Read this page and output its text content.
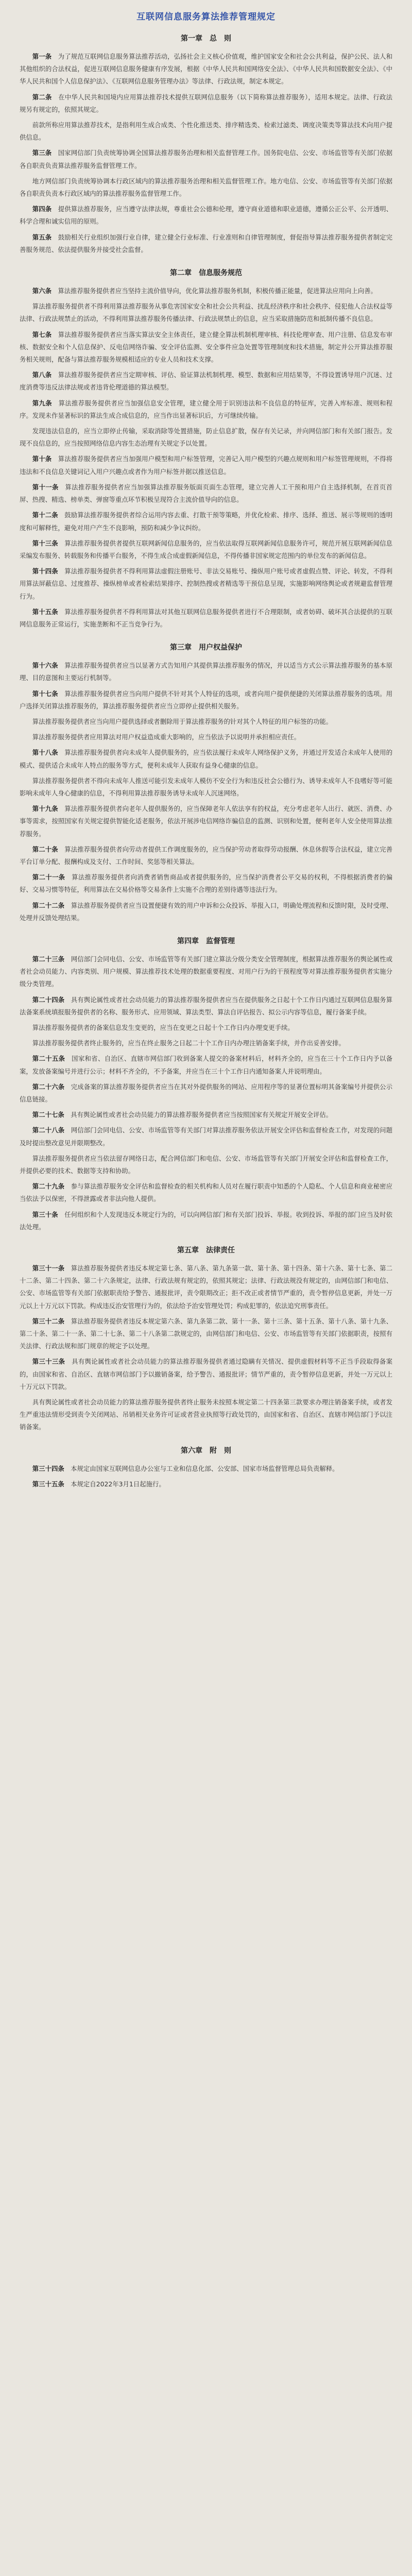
互联网信息服务算法推荐管理规定
第一章　总　则

第一条　 为了规范互联网信息服务算法推荐活动，弘扬社会主义核心价值观，维护国家安全和社会公共利益，保护公民、法人和其他组织的合法权益，促进互联网信息服务健康有序发展，根据《中华人民共和国网络安全法》、《中华人民共和国数据安全法》、《中华人民共和国个人信息保护法》、《互联网信息服务管理办法》等法律、行政法规，制定本规定。

第二条　 在中华人民共和国境内应用算法推荐技术提供互联网信息服务（以下简称算法推荐服务），适用本规定。法律、行政法规另有规定的，依照其规定。

前款所称应用算法推荐技术，是指利用生成合成类、个性化推送类、排序精选类、检索过滤类、调度决策类等算法技术向用户提供信息。

第三条　 国家网信部门负责统筹协调全国算法推荐服务治理和相关监督管理工作。国务院电信、公安、市场监管等有关部门依据各自职责负责算法推荐服务监督管理工作。

地方网信部门负责统筹协调本行政区域内的算法推荐服务治理和相关监督管理工作。地方电信、公安、市场监管等有关部门依据各自职责负责本行政区域内的算法推荐服务监督管理工作。

第四条　 提供算法推荐服务，应当遵守法律法规，尊重社会公德和伦理，遵守商业道德和职业道德，遵循公正公平、公开透明、科学合理和诚实信用的原则。

第五条　 鼓励相关行业组织加强行业自律，建立健全行业标准、行业准则和自律管理制度，督促指导算法推荐服务提供者制定完善服务规范、依法提供服务并接受社会监督。

第二章　信息服务规范

第六条　 算法推荐服务提供者应当坚持主流价值导向，优化算法推荐服务机制，积极传播正能量，促进算法应用向上向善。

算法推荐服务提供者不得利用算法推荐服务从事危害国家安全和社会公共利益、扰乱经济秩序和社会秩序、侵犯他人合法权益等法律、行政法规禁止的活动，不得利用算法推荐服务传播法律、行政法规禁止的信息，应当采取措施防范和抵制传播不良信息。

第七条　 算法推荐服务提供者应当落实算法安全主体责任，建立健全算法机制机理审核、科技伦理审查、用户注册、信息发布审核、数据安全和个人信息保护、反电信网络诈骗、安全评估监测、安全事件应急处置等管理制度和技术措施，制定并公开算法推荐服务相关规则，配备与算法推荐服务规模相适应的专业人员和技术支撑。

第八条　 算法推荐服务提供者应当定期审核、评估、验证算法机制机理、模型、数据和应用结果等，不得设置诱导用户沉迷、过度消费等违反法律法规或者违背伦理道德的算法模型。

第九条　 算法推荐服务提供者应当加强信息安全管理，建立健全用于识别违法和不良信息的特征库，完善入库标准、规则和程序。发现未作显著标识的算法生成合成信息的，应当作出显著标识后，方可继续传输。

发现违法信息的，应当立即停止传输，采取消除等处置措施，防止信息扩散，保存有关记录，并向网信部门和有关部门报告。发现不良信息的，应当按照网络信息内容生态治理有关规定予以处置。

第十条　 算法推荐服务提供者应当加强用户模型和用户标签管理，完善记入用户模型的兴趣点规则和用户标签管理规则，不得将违法和不良信息关键词记入用户兴趣点或者作为用户标签并据以推送信息。

第十一条　 算法推荐服务提供者应当加强算法推荐服务版面页面生态管理，建立完善人工干预和用户自主选择机制，在首页首屏、热搜、精选、榜单类、弹窗等重点环节积极呈现符合主流价值导向的信息。

第十二条　 鼓励算法推荐服务提供者综合运用内容去重、打散干预等策略，并优化检索、排序、选择、推送、展示等规则的透明度和可解释性，避免对用户产生不良影响，预防和减少争议纠纷。

第十三条　 算法推荐服务提供者提供互联网新闻信息服务的，应当依法取得互联网新闻信息服务许可，规范开展互联网新闻信息采编发布服务、转载服务和传播平台服务，不得生成合成虚假新闻信息，不得传播非国家规定范围内的单位发布的新闻信息。

第十四条　 算法推荐服务提供者不得利用算法虚假注册账号、非法交易账号、操纵用户账号或者虚假点赞、评论、转发，不得利用算法屏蔽信息、过度推荐、操纵榜单或者检索结果排序、控制热搜或者精选等干预信息呈现，实施影响网络舆论或者规避监督管理行为。

第十五条　 算法推荐服务提供者不得利用算法对其他互联网信息服务提供者进行不合理限制，或者妨碍、破坏其合法提供的互联网信息服务正常运行，实施垄断和不正当竞争行为。

第三章　用户权益保护

第十六条　 算法推荐服务提供者应当以显著方式告知用户其提供算法推荐服务的情况，并以适当方式公示算法推荐服务的基本原理、目的意图和主要运行机制等。

第十七条　 算法推荐服务提供者应当向用户提供不针对其个人特征的选项，或者向用户提供便捷的关闭算法推荐服务的选项。用户选择关闭算法推荐服务的，算法推荐服务提供者应当立即停止提供相关服务。

算法推荐服务提供者应当向用户提供选择或者删除用于算法推荐服务的针对其个人特征的用户标签的功能。

算法推荐服务提供者应用算法对用户权益造成重大影响的，应当依法予以说明并承担相应责任。

第十八条　 算法推荐服务提供者向未成年人提供服务的，应当依法履行未成年人网络保护义务，并通过开发适合未成年人使用的模式、提供适合未成年人特点的服务等方式，便利未成年人获取有益身心健康的信息。

算法推荐服务提供者不得向未成年人推送可能引发未成年人模仿不安全行为和违反社会公德行为、诱导未成年人不良嗜好等可能影响未成年人身心健康的信息，不得利用算法推荐服务诱导未成年人沉迷网络。

第十九条　 算法推荐服务提供者向老年人提供服务的，应当保障老年人依法享有的权益，充分考虑老年人出行、就医、消费、办事等需求，按照国家有关规定提供智能化适老服务，依法开展涉电信网络诈骗信息的监测、识别和处置，便利老年人安全使用算法推荐服务。

第二十条　 算法推荐服务提供者向劳动者提供工作调度服务的，应当保护劳动者取得劳动报酬、休息休假等合法权益，建立完善平台订单分配、报酬构成及支付、工作时间、奖惩等相关算法。

第二十一条　 算法推荐服务提供者向消费者销售商品或者提供服务的，应当保护消费者公平交易的权利，不得根据消费者的偏好、交易习惯等特征，利用算法在交易价格等交易条件上实施不合理的差别待遇等违法行为。

第二十二条　 算法推荐服务提供者应当设置便捷有效的用户申诉和公众投诉、举报入口，明确处理流程和反馈时限，及时受理、处理并反馈处理结果。

第四章　监督管理

第二十三条　 网信部门会同电信、公安、市场监管等有关部门建立算法分级分类安全管理制度，根据算法推荐服务的舆论属性或者社会动员能力、内容类别、用户规模、算法推荐技术处理的数据重要程度、对用户行为的干预程度等对算法推荐服务提供者实施分级分类管理。

第二十四条　 具有舆论属性或者社会动员能力的算法推荐服务提供者应当在提供服务之日起十个工作日内通过互联网信息服务算法备案系统填报服务提供者的名称、服务形式、应用领域、算法类型、算法自评估报告、拟公示内容等信息，履行备案手续。

算法推荐服务提供者的备案信息发生变更的，应当在变更之日起十个工作日内办理变更手续。

算法推荐服务提供者终止服务的，应当在终止服务之日起二十个工作日内办理注销备案手续，并作出妥善安排。

第二十五条　 国家和省、自治区、直辖市网信部门收到备案人提交的备案材料后，材料齐全的，应当在三十个工作日内予以备案，发放备案编号并进行公示；材料不齐全的，不予备案，并应当在三十个工作日内通知备案人并说明理由。

第二十六条　 完成备案的算法推荐服务提供者应当在其对外提供服务的网站、应用程序等的显著位置标明其备案编号并提供公示信息链接。

第二十七条　 具有舆论属性或者社会动员能力的算法推荐服务提供者应当按照国家有关规定开展安全评估。

第二十八条　 网信部门会同电信、公安、市场监管等有关部门对算法推荐服务依法开展安全评估和监督检查工作，对发现的问题及时提出整改意见并限期整改。

算法推荐服务提供者应当依法留存网络日志，配合网信部门和电信、公安、市场监管等有关部门开展安全评估和监督检查工作，并提供必要的技术、数据等支持和协助。

第二十九条　 参与算法推荐服务安全评估和监督检查的相关机构和人员对在履行职责中知悉的个人隐私、个人信息和商业秘密应当依法予以保密，不得泄露或者非法向他人提供。

第三十条　 任何组织和个人发现违反本规定行为的，可以向网信部门和有关部门投诉、举报。收到投诉、举报的部门应当及时依法处理。

第五章　法律责任

第三十一条　 算法推荐服务提供者违反本规定第七条、第八条、第九条第一款、第十条、第十四条、第十六条、第十七条、第二十二条、第二十四条、第二十六条规定，法律、行政法规有规定的，依照其规定；法律、行政法规没有规定的，由网信部门和电信、公安、市场监管等有关部门依据职责给予警告、通报批评，责令限期改正；拒不改正或者情节严重的，责令暂停信息更新，并处一万元以上十万元以下罚款。构成违反治安管理行为的，依法给予治安管理处罚；构成犯罪的，依法追究刑事责任。

第三十二条　 算法推荐服务提供者违反本规定第六条、第九条第二款、第十一条、第十三条、第十五条、第十八条、第十九条、第二十条、第二十一条、第二十七条、第二十八条第二款规定的，由网信部门和电信、公安、市场监管等有关部门依据职责，按照有关法律、行政法规和部门规章的规定予以处理。

第三十三条　 具有舆论属性或者社会动员能力的算法推荐服务提供者通过隐瞒有关情况、提供虚假材料等不正当手段取得备案的，由国家和省、自治区、直辖市网信部门予以撤销备案，给予警告、通报批评；情节严重的，责令暂停信息更新，并处一万元以上十万元以下罚款。

具有舆论属性或者社会动员能力的算法推荐服务提供者终止服务未按照本规定第二十四条第三款要求办理注销备案手续，或者发生严重违法情形受到责令关闭网站、吊销相关业务许可证或者营业执照等行政处罚的，由国家和省、自治区、直辖市网信部门予以注销备案。

第六章　附　则

第三十四条　 本规定由国家互联网信息办公室与工业和信息化部、公安部、国家市场监督管理总局负责解释。

第三十五条　 本规定自2022年3月1日起施行。
